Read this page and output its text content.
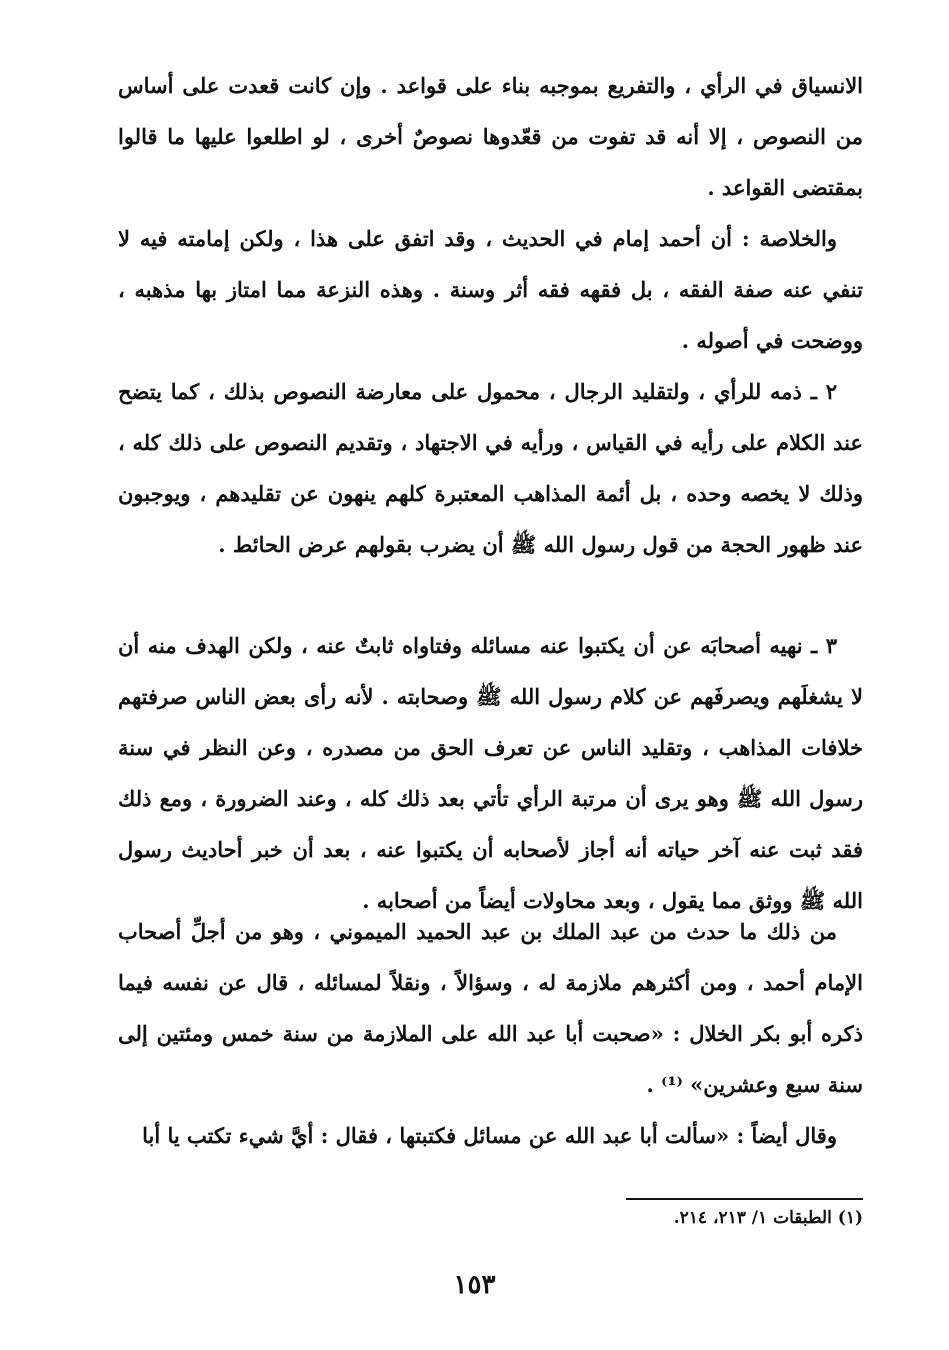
الانسياق في الرأي ، والتفريع بموجبه بناء على قواعد . وإن كانت قعدت على أساس من النصوص ، إلا أنه قد تفوت من قعّدوها نصوصٌ أخرى ، لو اطلعوا عليها ما قالوا بمقتضى القواعد .

والخلاصة : أن أحمد إمام في الحديث ، وقد اتفق على هذا ، ولكن إمامته فيه لا تنفي عنه صفة الفقه ، بل فقهه فقه أثر وسنة . وهذه النزعة مما امتاز بها مذهبه ، ووضحت في أصوله .

٢ ـ ذمه للرأي ، ولتقليد الرجال ، محمول على معارضة النصوص بذلك ، كما يتضح عند الكلام على رأيه في القياس ، ورأيه في الاجتهاد ، وتقديم النصوص على ذلك كله ، وذلك لا يخصه وحده ، بل أئمة المذاهب المعتبرة كلهم ينهون عن تقليدهم ، ويوجبون عند ظهور الحجة من قول رسول الله ﷺ أن يضرب بقولهم عرض الحائط .

٣ ـ نهيه أصحابَه عن أن يكتبوا عنه مسائله وفتاواه ثابتٌ عنه ، ولكن الهدف منه أن لا يشغلَهم ويصرفَهم عن كلام رسول الله ﷺ وصحابته . لأنه رأى بعض الناس صرفتهم خلافات المذاهب ، وتقليد الناس عن تعرف الحق من مصدره ، وعن النظر في سنة رسول الله ﷺ وهو يرى أن مرتبة الرأي تأتي بعد ذلك كله ، وعند الضرورة ، ومع ذلك فقد ثبت عنه آخر حياته أنه أجاز لأصحابه أن يكتبوا عنه ، بعد أن خبر أحاديث رسول الله ﷺ ووثق مما يقول ، وبعد محاولات أيضاً من أصحابه .

من ذلك ما حدث من عبد الملك بن عبد الحميد الميموني ، وهو من أجلِّ أصحاب الإمام أحمد ، ومن أكثرهم ملازمة له ، وسؤالاً ، ونقلاً لمسائله ، قال عن نفسه فيما ذكره أبو بكر الخلال : «صحبت أبا عبد الله على الملازمة من سنة خمس ومئتين إلى سنة سبع وعشرين» ⁽¹⁾ .

وقال أيضاً : «سألت أبا عبد الله عن مسائل فكتبتها ، فقال : أيَّ شيء تكتب يا أبا

(١) الطبقات ١/ ٢١٣، ٢١٤.
١٥٣
